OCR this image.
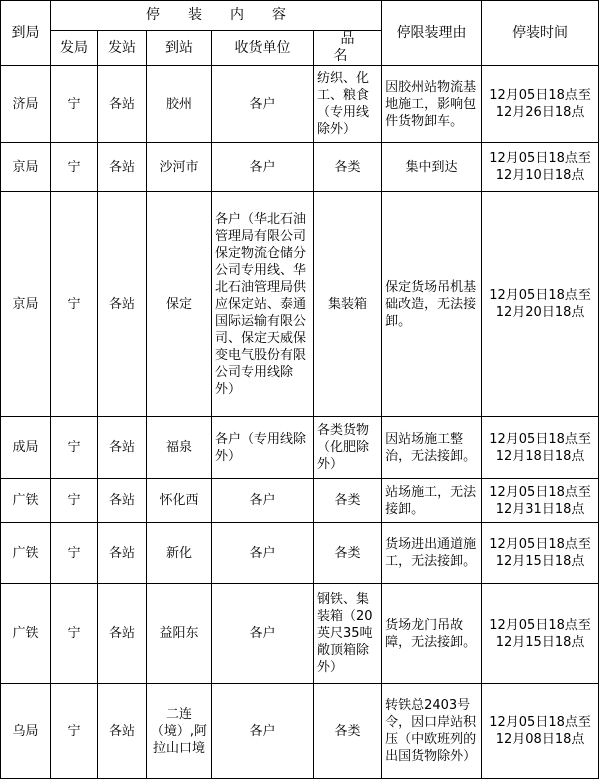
到局	停装内容					停限装理由	停装时间
	发局	发站	到站	收货单位	品名		
济局	宁	各站	胶州	各户	纺织、化工、粮食（专用线除外）	因胶州站物流基地施工，影响包件货物卸车。	12月05日18点至12月26日18点
京局	宁	各站	沙河市	各户	各类	集中到达	12月05日18点至12月10日18点
京局	宁	各站	保定	各户（华北石油管理局有限公司保定物流仓储分公司专用线、华北石油管理局供应保定站、泰通国际运输有限公司、保定天威保变电气股份有限公司专用线除外）	集装箱	保定货场吊机基础改造，无法接卸。	12月05日18点至12月20日18点
成局	宁	各站	福泉	各户（专用线除外）	各类货物（化肥除外）	因站场施工整治，无法接卸。	12月05日18点至12月18日18点
广铁	宁	各站	怀化西	各户	各类	站场施工，无法接卸。	12月05日18点至12月31日18点
广铁	宁	各站	新化	各户	各类	货场进出通道施工，无法接卸。	12月05日18点至12月15日18点
广铁	宁	各站	益阳东	各户	钢铁、集装箱（20英尺35吨敞顶箱除外）	货场龙门吊故障，无法接卸。	12月05日18点至12月15日18点
乌局	宁	各站	二连（境）,阿拉山口境	各户	各类	转铁总2403号令，因口岸站积压（中欧班列的出国货物除外）	12月05日18点至12月08日18点
